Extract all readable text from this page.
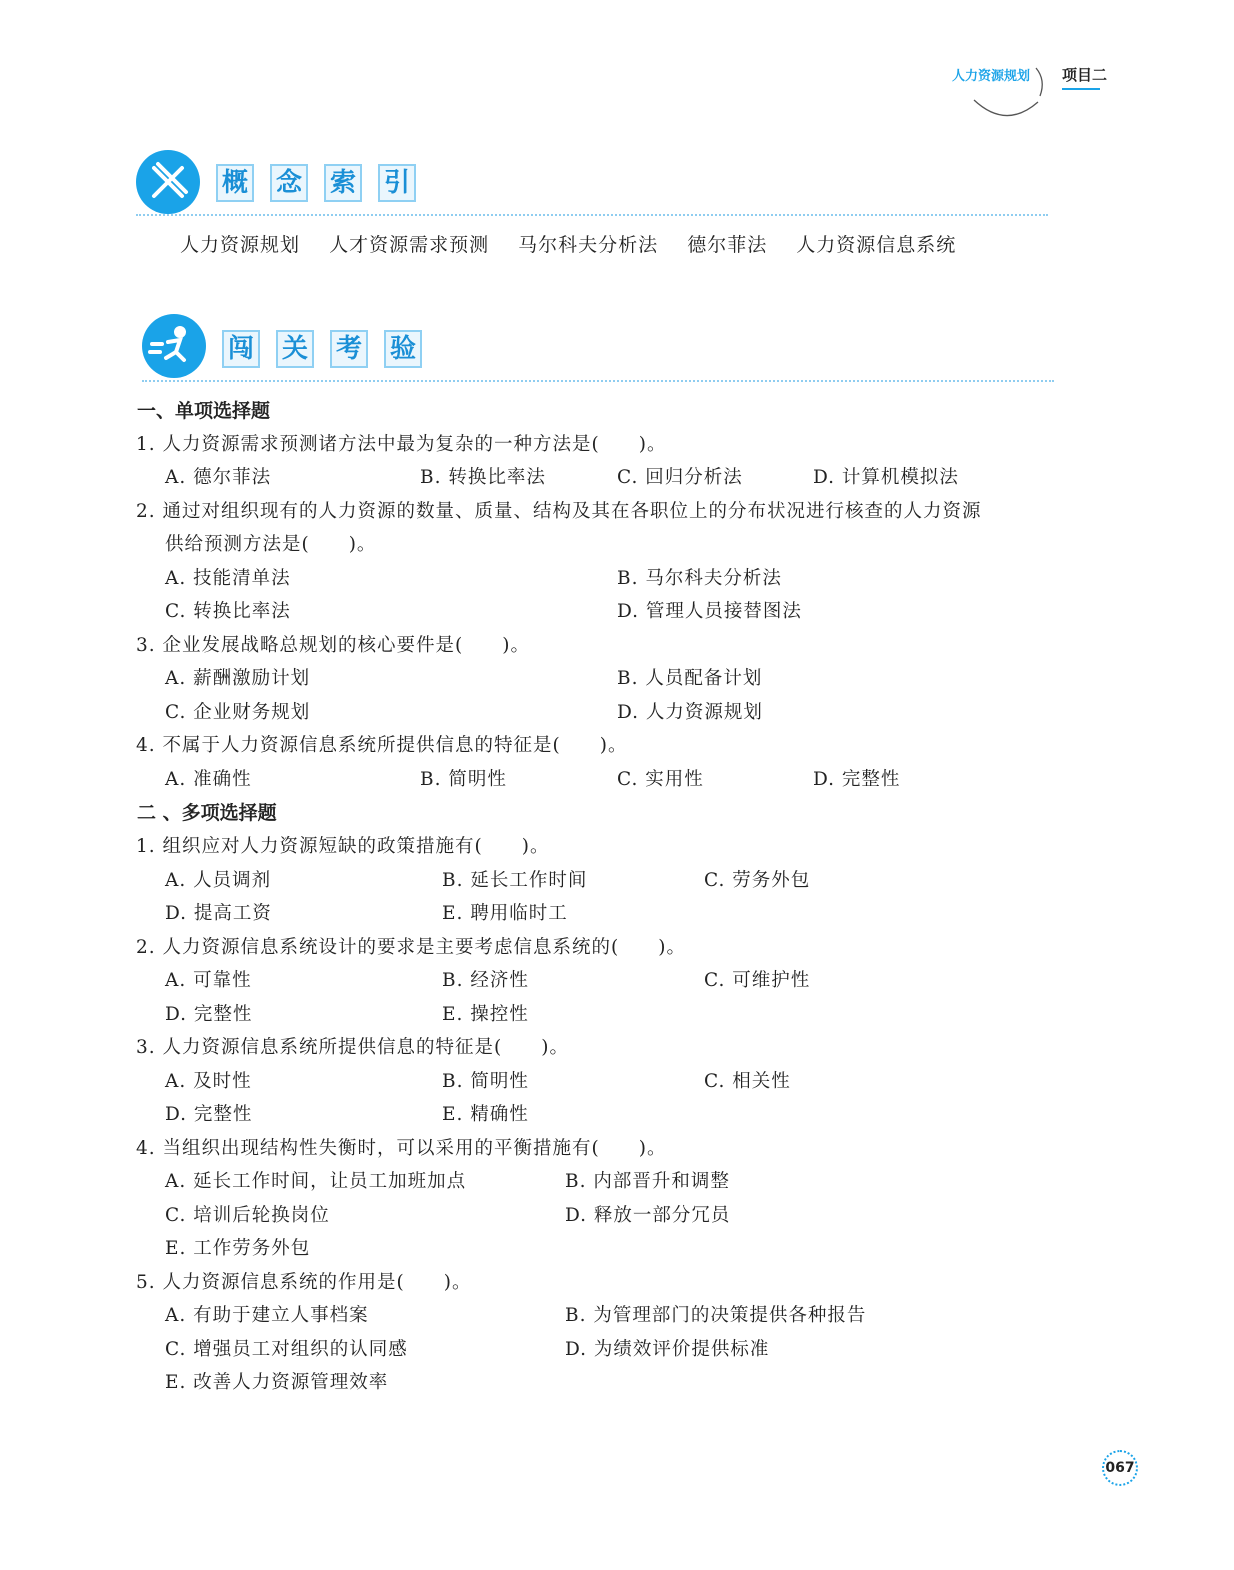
人力资源规划 项目二
概 念 索 引
人力资源规划 人才资源需求预测 马尔科夫分析法 德尔菲法 人力资源信息系统
闯 关 考 验
一、单项选择题
1. 人力资源需求预测诸方法中最为复杂的一种方法是(　　)。
A. 德尔菲法	B. 转换比率法	C. 回归分析法	D. 计算机模拟法
2. 通过对组织现有的人力资源的数量、质量、结构及其在各职位上的分布状况进行核查的人力资源
供给预测方法是(　　)。
A. 技能清单法	B. 马尔科夫分析法
C. 转换比率法	D. 管理人员接替图法
3. 企业发展战略总规划的核心要件是(　　)。
A. 薪酬激励计划	B. 人员配备计划
C. 企业财务规划	D. 人力资源规划
4. 不属于人力资源信息系统所提供信息的特征是(　　)。
A. 准确性	B. 简明性	C. 实用性	D. 完整性
二 、多项选择题
1. 组织应对人力资源短缺的政策措施有(　　)。
A. 人员调剂	B. 延长工作时间	C. 劳务外包
D. 提高工资	E. 聘用临时工
2. 人力资源信息系统设计的要求是主要考虑信息系统的(　　)。
A. 可靠性	B. 经济性	C. 可维护性
D. 完整性	E. 操控性
3. 人力资源信息系统所提供信息的特征是(　　)。
A. 及时性	B. 简明性	C. 相关性
D. 完整性	E. 精确性
4. 当组织出现结构性失衡时，可以采用的平衡措施有(　　)。
A. 延长工作时间，让员工加班加点	B. 内部晋升和调整
C. 培训后轮换岗位	D. 释放一部分冗员
E. 工作劳务外包
5. 人力资源信息系统的作用是(　　)。
A. 有助于建立人事档案	B. 为管理部门的决策提供各种报告
C. 增强员工对组织的认同感	D. 为绩效评价提供标准
E. 改善人力资源管理效率
067
